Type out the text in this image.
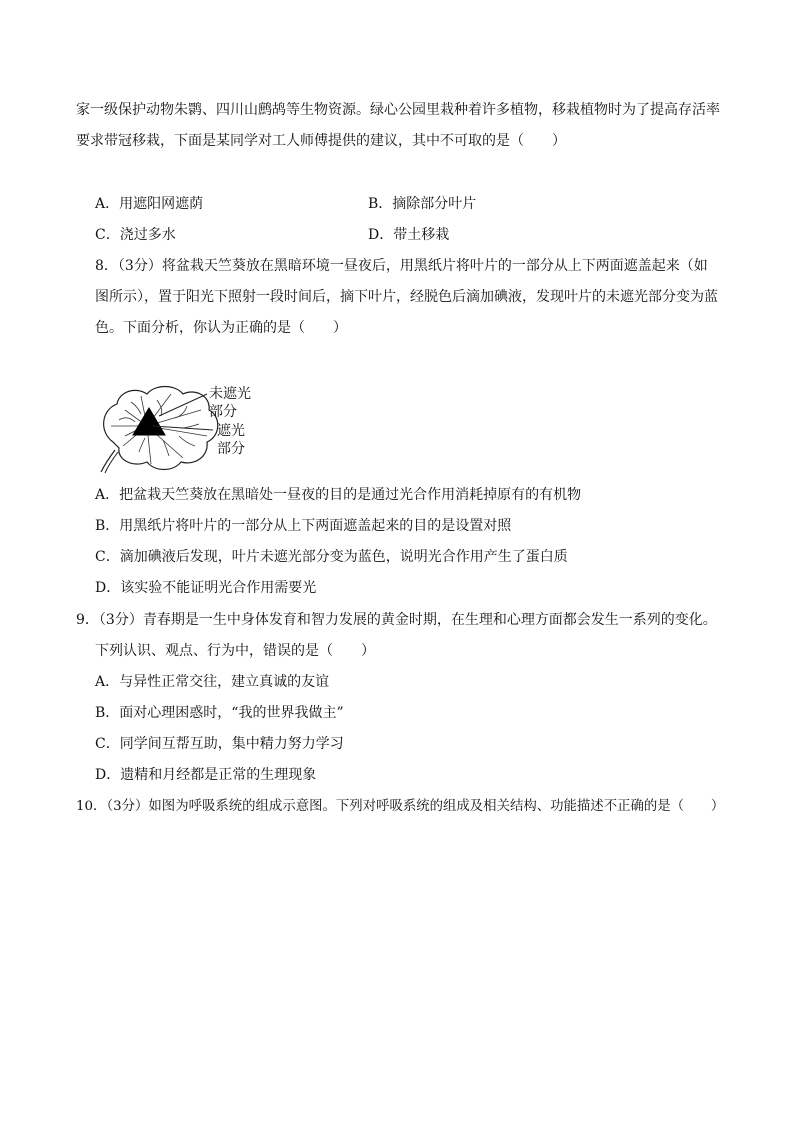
家一级保护动物朱鹮、四川山鹧鸪等生物资源。绿心公园里栽种着许多植物，移栽植物时为了提高存活率
要求带冠移栽，下面是某同学对工人师傅提供的建议，其中不可取的是（　　）
A．用遮阳网遮荫	B．摘除部分叶片
C．浇过多水	D．带土移栽
8．（3分）将盆栽天竺葵放在黑暗环境一昼夜后，用黑纸片将叶片的一部分从上下两面遮盖起来（如
图所示），置于阳光下照射一段时间后，摘下叶片，经脱色后滴加碘液，发现叶片的未遮光部分变为蓝
色。下面分析，你认为正确的是（　　）
未遮光
部分
遮光
部分
A．把盆栽天竺葵放在黑暗处一昼夜的目的是通过光合作用消耗掉原有的有机物
B．用黑纸片将叶片的一部分从上下两面遮盖起来的目的是设置对照
C．滴加碘液后发现，叶片未遮光部分变为蓝色，说明光合作用产生了蛋白质
D．该实验不能证明光合作用需要光
9．（3分）青春期是一生中身体发育和智力发展的黄金时期，在生理和心理方面都会发生一系列的变化。
下列认识、观点、行为中，错误的是（　　）
A．与异性正常交往，建立真诚的友谊
B．面对心理困惑时，“我的世界我做主”
C．同学间互帮互助，集中精力努力学习
D．遗精和月经都是正常的生理现象
10．（3分）如图为呼吸系统的组成示意图。下列对呼吸系统的组成及相关结构、功能描述不正确的是（　　）
